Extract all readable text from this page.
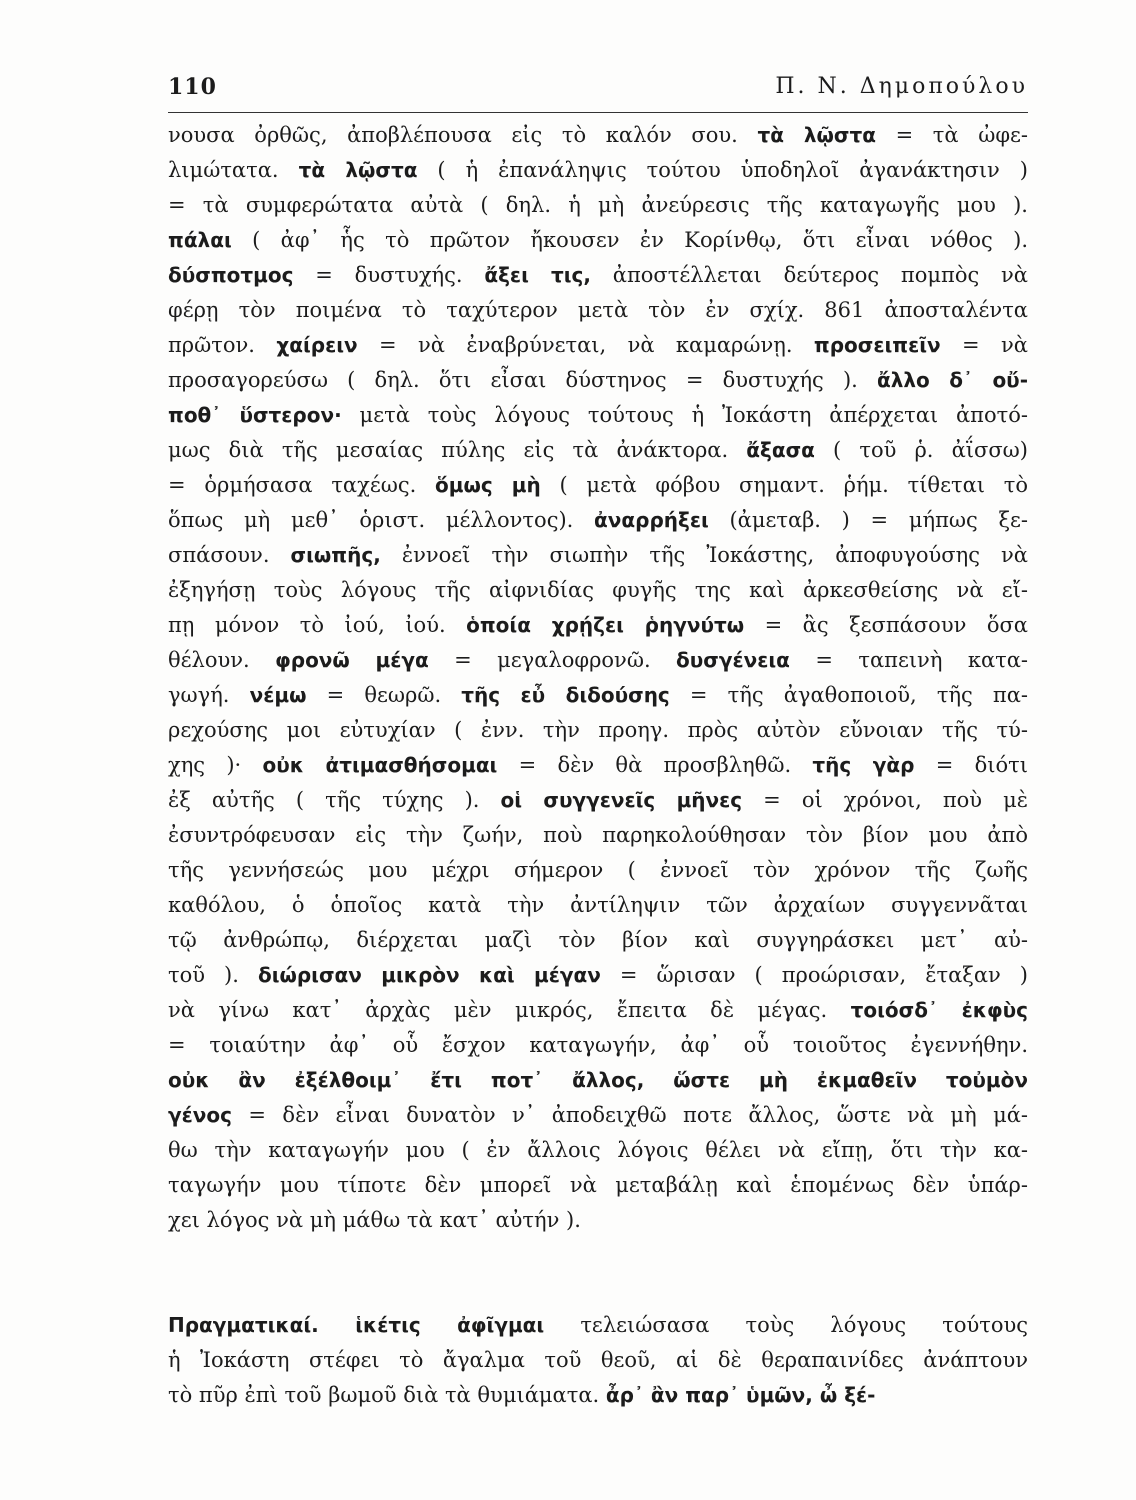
110	Π. Ν. Δημοπούλου
νουσα ὀρθῶς, ἀποβλέπουσα εἰς τὸ καλόν σου. τὰ λῷστα = τὰ ὠφε-
λιμώτατα. τὰ λῷστα ( ἡ ἐπανάληψις τούτου ὑποδηλοῖ ἀγανάκτησιν )
= τὰ συμφερώτατα αὐτὰ ( δηλ. ἡ μὴ ἀνεύρεσις τῆς καταγωγῆς μου ).
πάλαι ( ἀφ᾽ ἧς τὸ πρῶτον ἤκουσεν ἐν Κορίνθῳ, ὅτι εἶναι νόθος ).
δύσποτμος = δυστυχής. ἄξει τις, ἀποστέλλεται δεύτερος πομπὸς νὰ
φέρῃ τὸν ποιμένα τὸ ταχύτερον μετὰ τὸν ἐν σχίχ. 861 ἀποσταλέντα
πρῶτον. χαίρειν = νὰ ἐναβρύνεται, νὰ καμαρώνῃ. προσειπεῖν = νὰ
προσαγορεύσω ( δηλ. ὅτι εἶσαι δύστηνος = δυστυχής ). ἄλλο δ᾽ οὔ-
ποθ᾽ ὕστερον· μετὰ τοὺς λόγους τούτους ἡ Ἰοκάστη ἀπέρχεται ἀποτό-
μως διὰ τῆς μεσαίας πύλης εἰς τὰ ἀνάκτορα. ἄξασα ( τοῦ ῥ. ἀΐσσω)
= ὁρμήσασα ταχέως. ὅμως μὴ ( μετὰ φόβου σημαντ. ῥήμ. τίθεται τὸ
ὅπως μὴ μεθ᾽ ὁριστ. μέλλοντος). ἀναρρήξει (ἀμεταβ. ) = μήπως ξε-
σπάσουν. σιωπῆς, ἐννοεῖ τὴν σιωπὴν τῆς Ἰοκάστης, ἀποφυγούσης νὰ
ἐξηγήσῃ τοὺς λόγους τῆς αἰφνιδίας φυγῆς της καὶ ἀρκεσθείσης νὰ εἴ-
πῃ μόνον τὸ ἰού, ἰού. ὁποία χρῄζει ῥηγνύτω = ἂς ξεσπάσουν ὅσα
θέλουν. φρονῶ μέγα = μεγαλοφρονῶ. δυσγένεια = ταπεινὴ κατα-
γωγή. νέμω = θεωρῶ. τῆς εὖ διδούσης = τῆς ἀγαθοποιοῦ, τῆς πα-
ρεχούσης μοι εὐτυχίαν ( ἐνν. τὴν προηγ. πρὸς αὐτὸν εὔνοιαν τῆς τύ-
χης )· οὐκ ἀτιμασθήσομαι = δὲν θὰ προσβληθῶ. τῆς γὰρ = διότι
ἐξ αὐτῆς ( τῆς τύχης ). οἱ συγγενεῖς μῆνες = οἱ χρόνοι, ποὺ μὲ
ἐσυντρόφευσαν εἰς τὴν ζωήν, ποὺ παρηκολούθησαν τὸν βίον μου ἀπὸ
τῆς γεννήσεώς μου μέχρι σήμερον ( ἐννοεῖ τὸν χρόνον τῆς ζωῆς
καθόλου, ὁ ὁποῖος κατὰ τὴν ἀντίληψιν τῶν ἀρχαίων συγγεννᾶται
τῷ ἀνθρώπῳ, διέρχεται μαζὶ τὸν βίον καὶ συγγηράσκει μετ᾽ αὐ-
τοῦ ). διώρισαν μικρὸν καὶ μέγαν = ὥρισαν ( προώρισαν, ἔταξαν )
νὰ γίνω κατ᾽ ἀρχὰς μὲν μικρός, ἔπειτα δὲ μέγας. τοιόσδ᾽ ἐκφὺς
= τοιαύτην ἀφ᾽ οὗ ἔσχον καταγωγήν, ἀφ᾽ οὗ τοιοῦτος ἐγεννήθην.
οὐκ ἂν ἐξέλθοιμ᾽ ἔτι ποτ᾽ ἄλλος, ὥστε μὴ ἐκμαθεῖν τοὐμὸν
γένος = δὲν εἶναι δυνατὸν ν᾽ ἀποδειχθῶ ποτε ἄλλος, ὥστε νὰ μὴ μά-
θω τὴν καταγωγήν μου ( ἐν ἄλλοις λόγοις θέλει νὰ εἴπῃ, ὅτι τὴν κα-
ταγωγήν μου τίποτε δὲν μπορεῖ νὰ μεταβάλῃ καὶ ἑπομένως δὲν ὑπάρ-
χει λόγος νὰ μὴ μάθω τὰ κατ᾽ αὐτήν ).
Πραγματικαί. ἱκέτις ἀφῖγμαι τελειώσασα τοὺς λόγους τούτους
ἡ Ἰοκάστη στέφει τὸ ἄγαλμα τοῦ θεοῦ, αἱ δὲ θεραπαινίδες ἀνάπτουν
τὸ πῦρ ἐπὶ τοῦ βωμοῦ διὰ τὰ θυμιάματα. ἆρ᾽ ἂν παρ᾽ ὑμῶν, ὦ ξέ-
